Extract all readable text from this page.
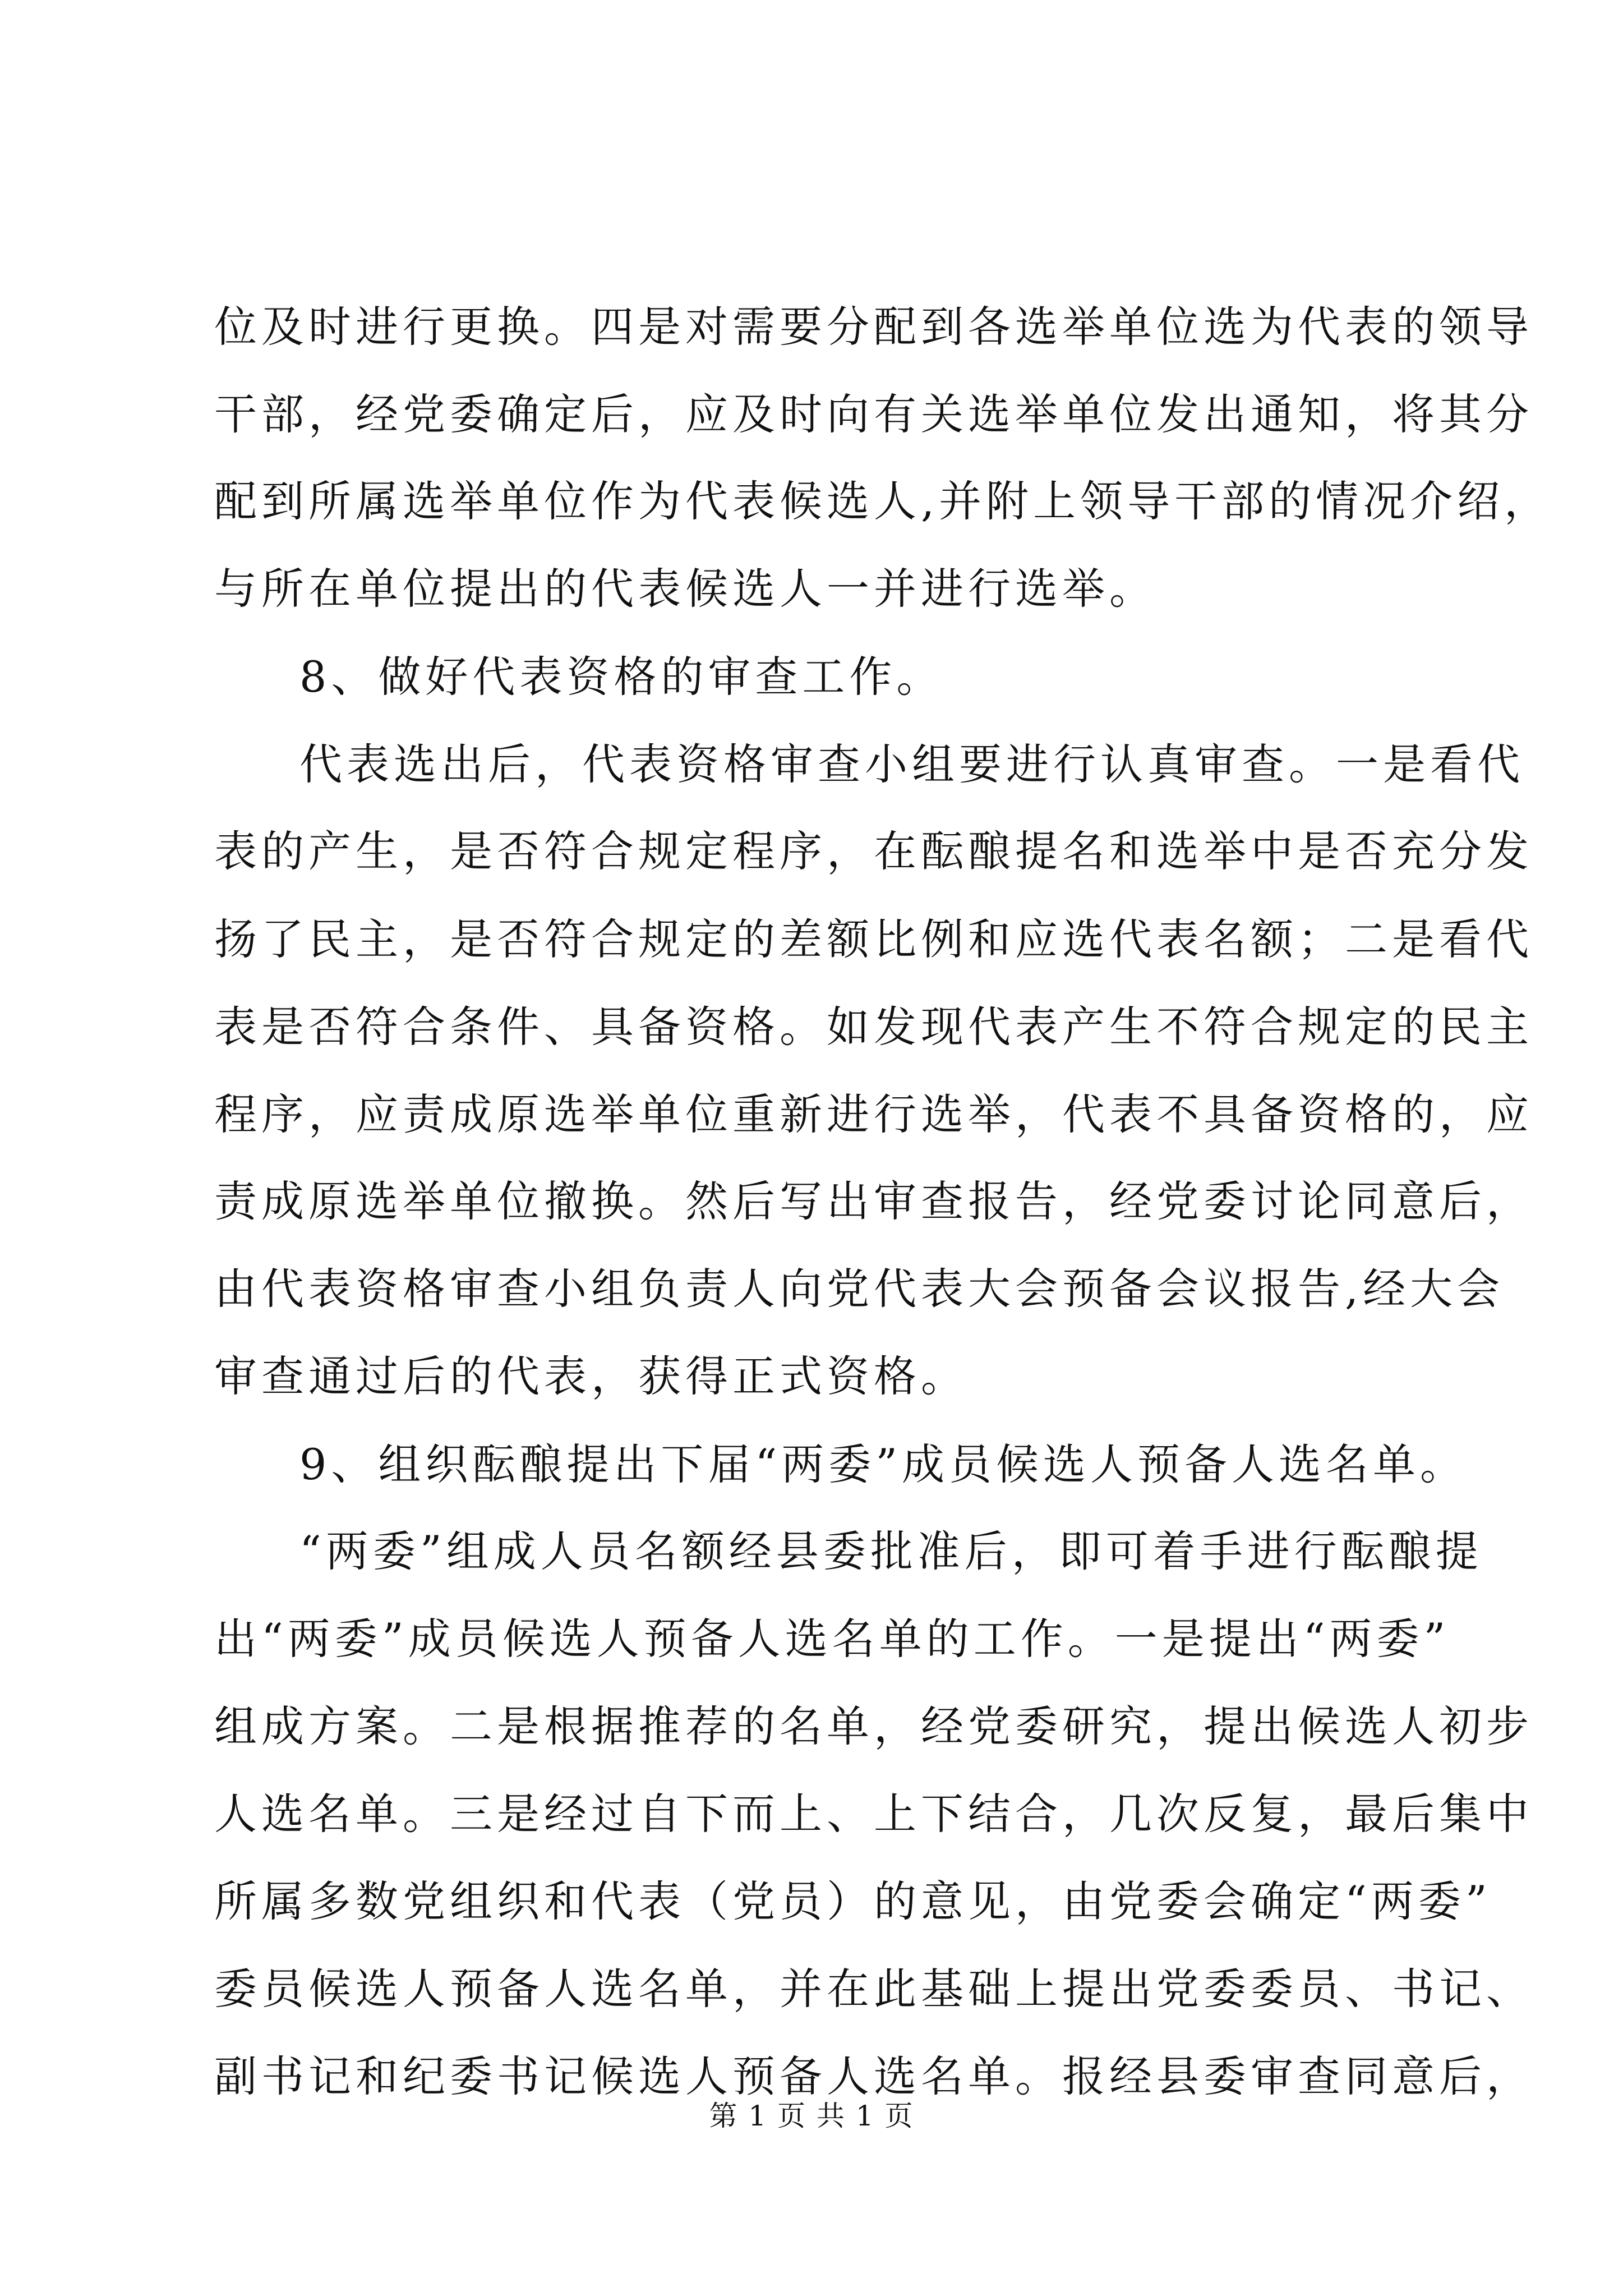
位及时进行更换。四是对需要分配到各选举单位选为代表的领导
干部，经党委确定后，应及时向有关选举单位发出通知，将其分
配到所属选举单位作为代表候选人,并附上领导干部的情况介绍，
与所在单位提出的代表候选人一并进行选举。
8、做好代表资格的审查工作。
代表选出后，代表资格审查小组要进行认真审查。一是看代
表的产生，是否符合规定程序，在酝酿提名和选举中是否充分发
扬了民主，是否符合规定的差额比例和应选代表名额；二是看代
表是否符合条件、具备资格。如发现代表产生不符合规定的民主
程序，应责成原选举单位重新进行选举，代表不具备资格的，应
责成原选举单位撤换。然后写出审查报告，经党委讨论同意后，
由代表资格审查小组负责人向党代表大会预备会议报告,经大会
审查通过后的代表，获得正式资格。
9、组织酝酿提出下届“两委”成员候选人预备人选名单。
“两委”组成人员名额经县委批准后，即可着手进行酝酿提
出“两委”成员候选人预备人选名单的工作。一是提出“两委”
组成方案。二是根据推荐的名单，经党委研究，提出候选人初步
人选名单。三是经过自下而上、上下结合，几次反复，最后集中
所属多数党组织和代表（党员）的意见，由党委会确定“两委”
委员候选人预备人选名单，并在此基础上提出党委委员、书记、
副书记和纪委书记候选人预备人选名单。报经县委审查同意后，
第 1 页 共 1 页
